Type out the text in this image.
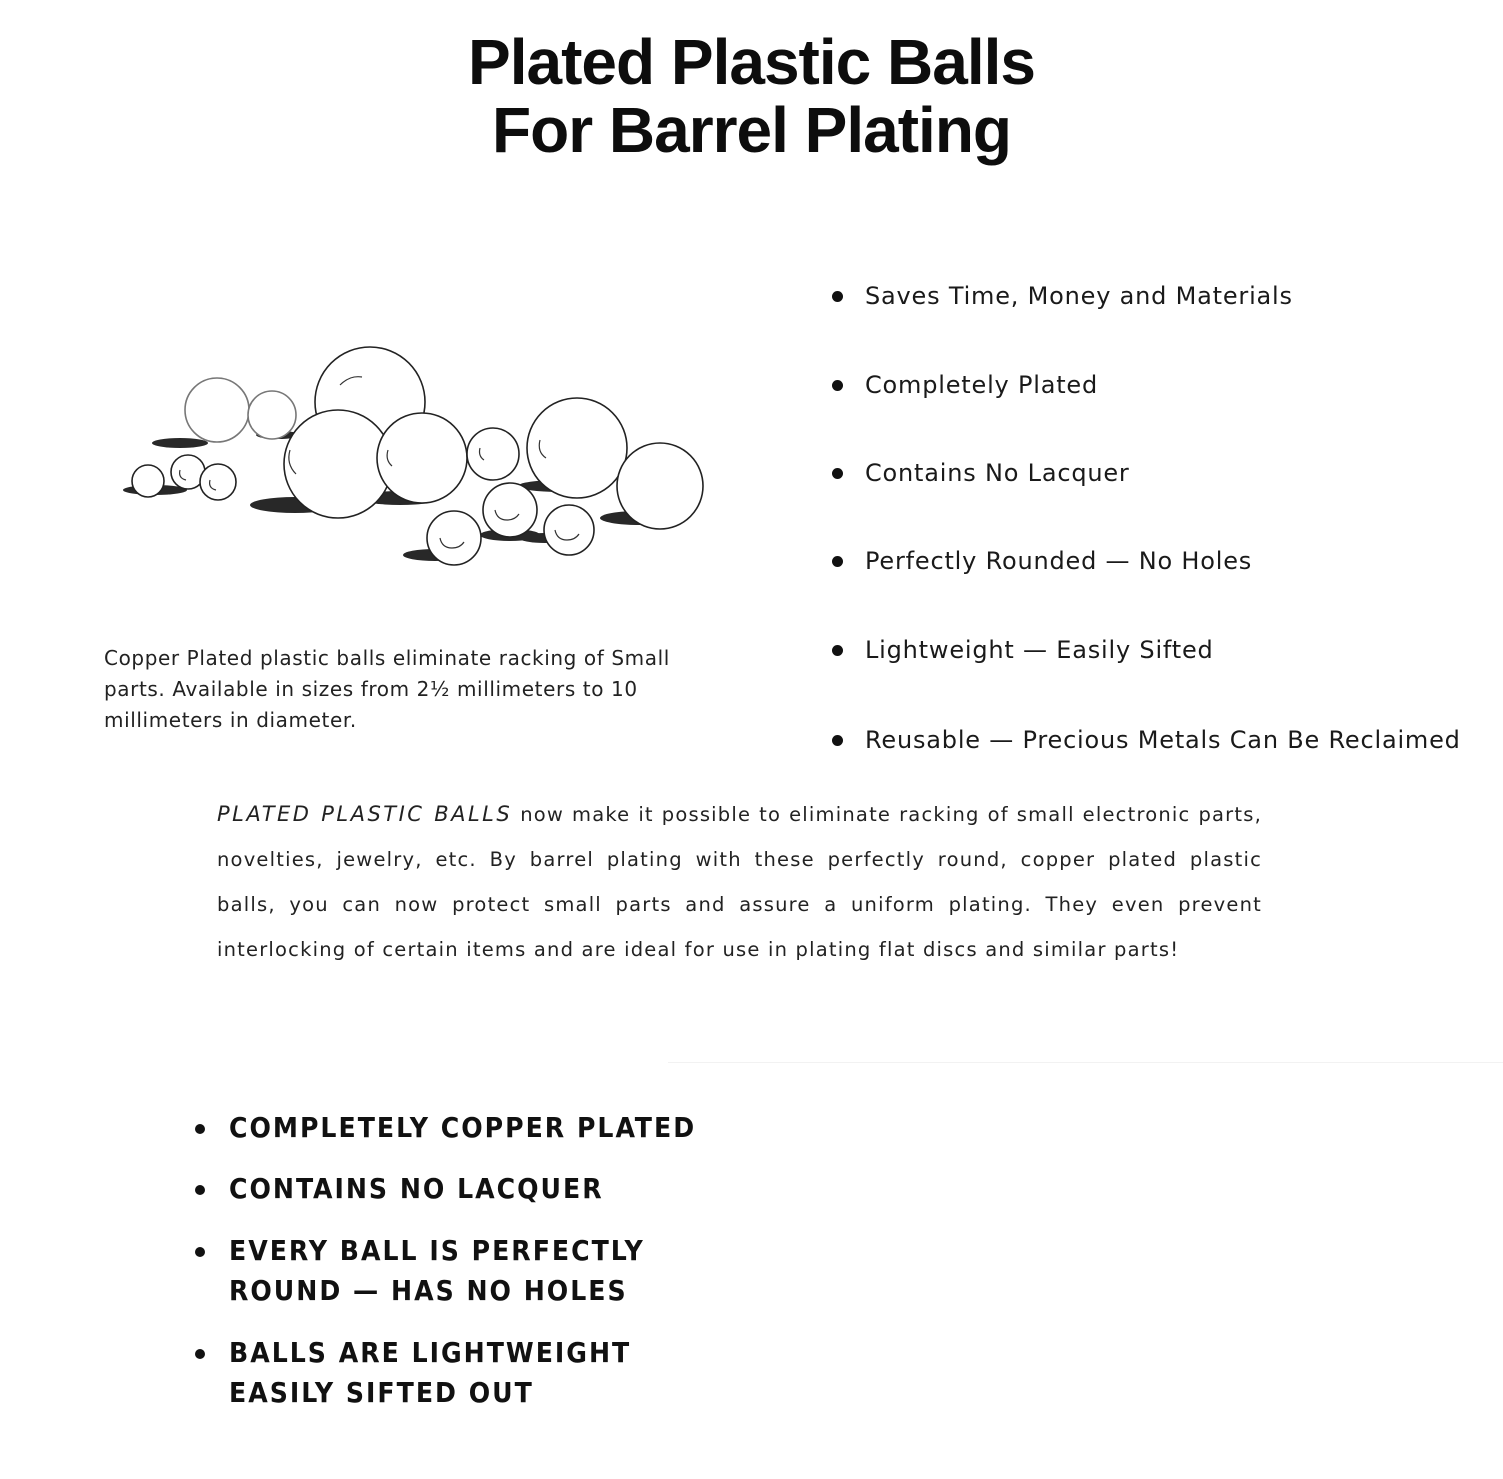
Plated Plastic Balls
For Barrel Plating
Copper Plated plastic balls eliminate racking of Small parts. Available in sizes from 2½ millimeters to 10 millimeters in diameter.
Saves Time, Money and Materials
Completely Plated
Contains No Lacquer
Perfectly Rounded — No Holes
Lightweight — Easily Sifted
Reusable — Precious Metals Can Be Reclaimed
PLATED PLASTIC BALLS now make it possible to eliminate racking of small electronic parts, novelties, jewelry, etc. By barrel plating with these perfectly round, copper plated plastic balls, you can now protect small parts and assure a uniform plating. They even prevent interlocking of certain items and are ideal for use in plating flat discs and similar parts!
COMPLETELY COPPER PLATED
CONTAINS NO LACQUER
EVERY BALL IS PERFECTLY
ROUND — HAS NO HOLES
BALLS ARE LIGHTWEIGHT
EASILY SIFTED OUT
